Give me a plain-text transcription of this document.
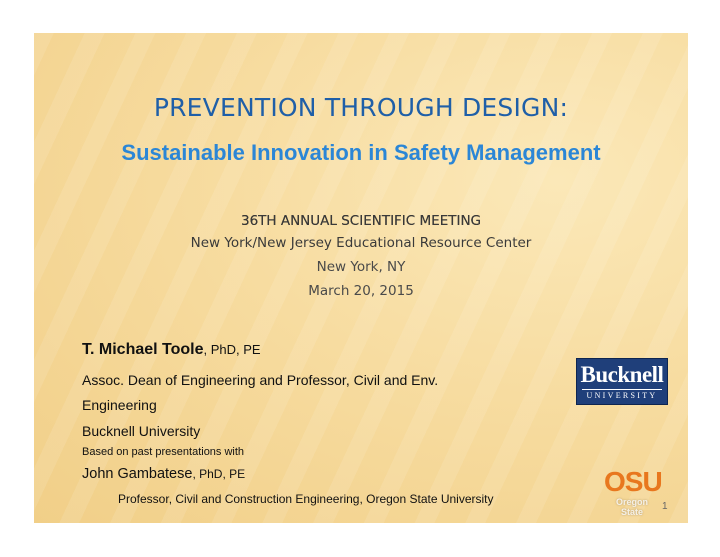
PREVENTION THROUGH DESIGN:
Sustainable Innovation in Safety Management
36TH ANNUAL SCIENTIFIC MEETING
New York/New Jersey Educational Resource Center
New York, NY
March 20, 2015
T. Michael Toole, PhD, PE
Assoc. Dean of Engineering and Professor, Civil and Env.
Engineering
Bucknell University
Based on past presentations with
John Gambatese, PhD, PE
Professor, Civil and Construction Engineering, Oregon State University
Bucknell
UNIVERSITY
OSU
Oregon State	1
